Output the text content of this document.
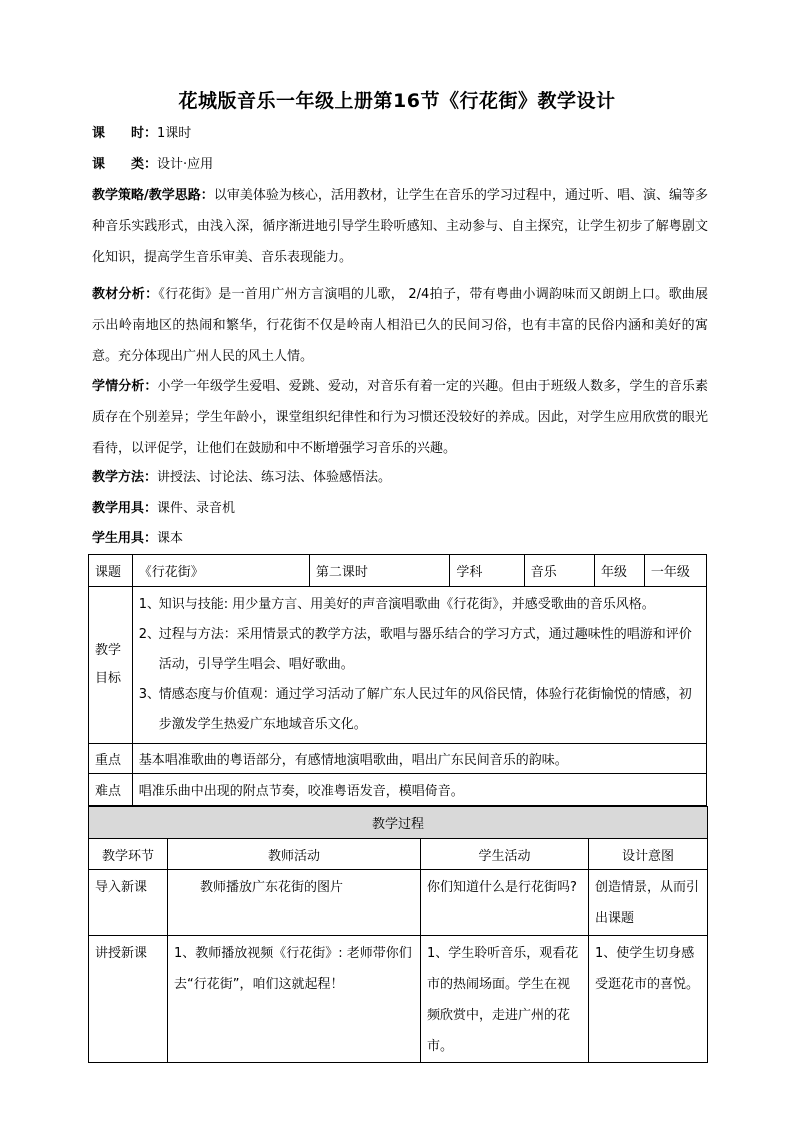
花城版音乐一年级上册第16节《行花街》教学设计
课　　时：1课时
课　　类：设计·应用
教学策略/教学思路：以审美体验为核心，活用教材，让学生在音乐的学习过程中，通过听、唱、演、编等多种音乐实践形式，由浅入深，循序渐进地引导学生聆听感知、主动参与、自主探究，让学生初步了解粤剧文化知识，提高学生音乐审美、音乐表现能力。
教材分析：《行花街》是一首用广州方言演唱的儿歌， 2/4拍子，带有粤曲小调韵味而又朗朗上口。歌曲展示出岭南地区的热闹和繁华，行花街不仅是岭南人相沿已久的民间习俗，也有丰富的民俗内涵和美好的寓意。充分体现出广州人民的风土人情。
学情分析：小学一年级学生爱唱、爱跳、爱动，对音乐有着一定的兴趣。但由于班级人数多，学生的音乐素质存在个别差异；学生年龄小，课堂组织纪律性和行为习惯还没较好的养成。因此，对学生应用欣赏的眼光看待，以评促学，让他们在鼓励和中不断增强学习音乐的兴趣。
教学方法：讲授法、讨论法、练习法、体验感悟法。
教学用具：课件、录音机
学生用具：课本
课题	《行花街》	第二课时	学科	音乐	年级	一年级
教学目标	1、知识与技能: 用少量方言、用美好的声音演唱歌曲《行花街》，并感受歌曲的音乐风格。
2、过程与方法：采用情景式的教学方法，歌唱与器乐结合的学习方式，通过趣味性的唱游和评价活动，引导学生唱会、唱好歌曲。
3、情感态度与价值观：通过学习活动了解广东人民过年的风俗民情，体验行花街愉悦的情感，初步激发学生热爱广东地域音乐文化。					

重点	基本唱准歌曲的粤语部分，有感情地演唱歌曲，唱出广东民间音乐的韵味。					
难点	唱准乐曲中出现的附点节奏，咬准粤语发音，模唱倚音。					
教学过程			
教学环节	教师活动	学生活动	设计意图
导入新课	教师播放广东花街的图片	你们知道什么是行花街吗?	创造情景，从而引出课题
讲授新课	1、教师播放视频《行花街》: 老师带你们去“行花街”，咱们这就起程！	1、学生聆听音乐，观看花市的热闹场面。学生在视频欣赏中，走进广州的花市。	1、使学生切身感受逛花市的喜悦。
